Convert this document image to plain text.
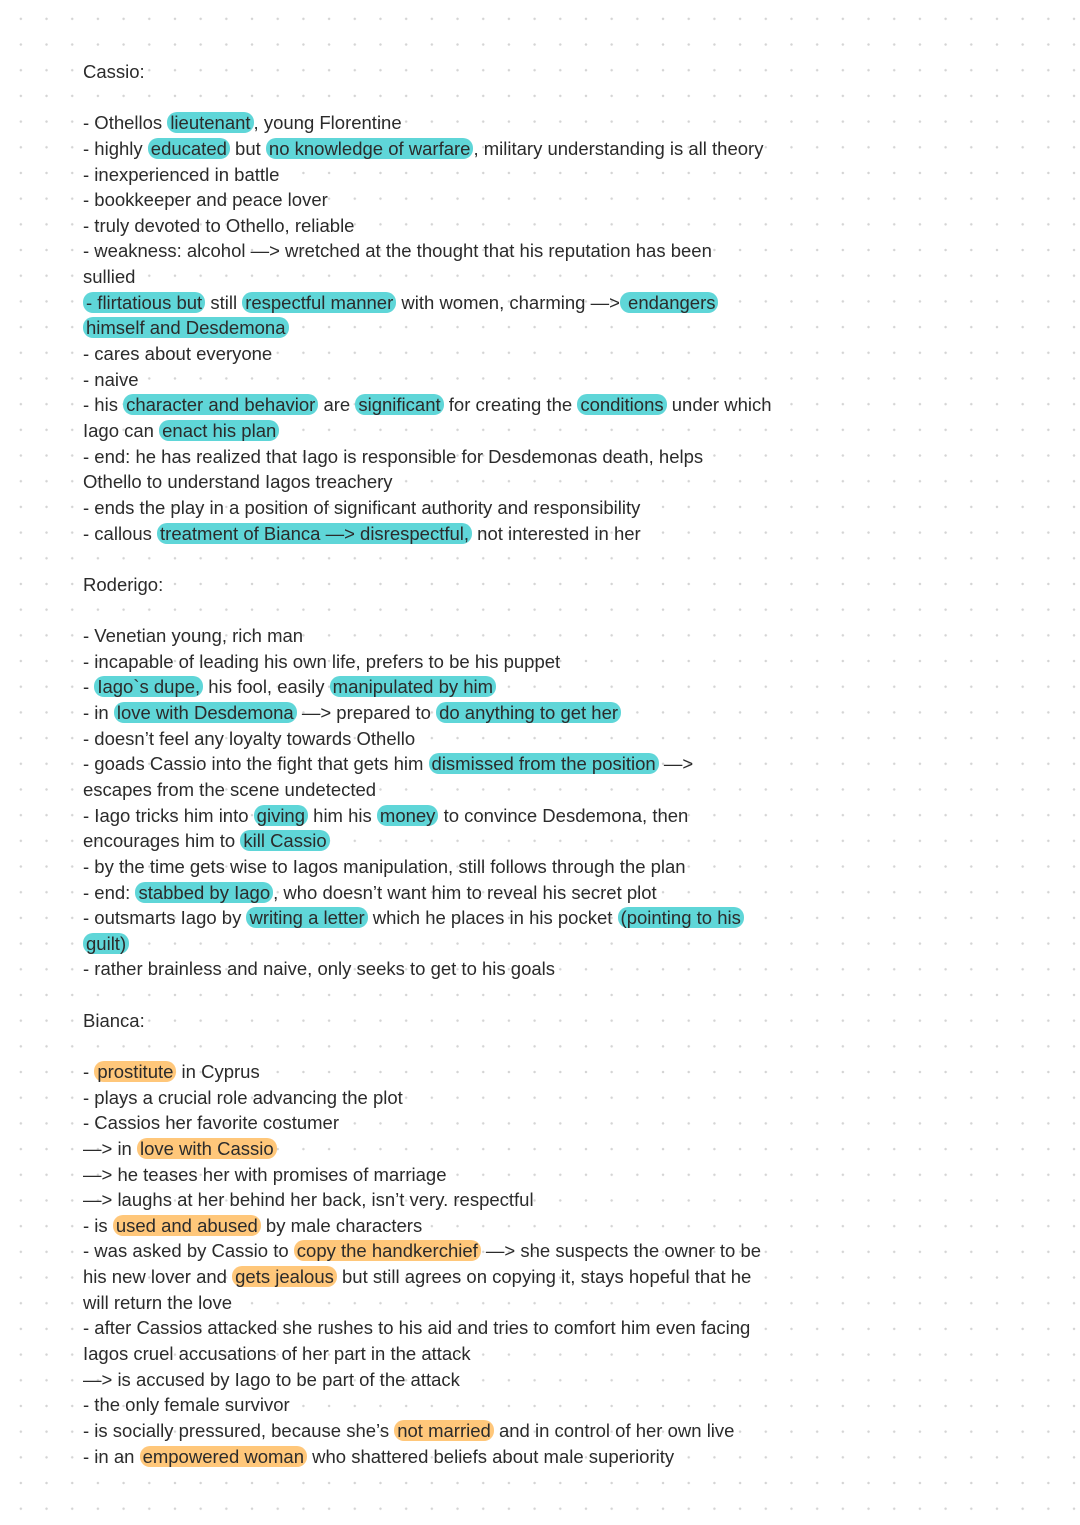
Cassio:
- Othellos lieutenant , young Florentine
- highly educated but no knowledge of warfare , military understanding is all theory
- inexperienced in battle
- bookkeeper and peace lover
- truly devoted to Othello, reliable
- weakness: alcohol —> wretched at the thought that his reputation has been
sullied
- flirtatious but still respectful manner with women, charming —> endangers
himself and Desdemona
- cares about everyone
- naive
- his character and behavior are significant for creating the conditions under which
Iago can enact his plan
- end: he has realized that Iago is responsible for Desdemonas death, helps
Othello to understand Iagos treachery
- ends the play in a position of significant authority and responsibility
- callous treatment of Bianca —> disrespectful, not interested in her
Roderigo:
- Venetian young, rich man
- incapable of leading his own life, prefers to be his puppet
- Iago`s dupe, his fool, easily manipulated by him
- in love with Desdemona —> prepared to do anything to get her
- doesn’t feel any loyalty towards Othello
- goads Cassio into the fight that gets him dismissed from the position —>
escapes from the scene undetected
- Iago tricks him into giving him his money to convince Desdemona, then
encourages him to kill Cassio
- by the time gets wise to Iagos manipulation, still follows through the plan
- end: stabbed by Iago , who doesn’t want him to reveal his secret plot
- outsmarts Iago by writing a letter which he places in his pocket (pointing to his
guilt)
- rather brainless and naive, only seeks to get to his goals
Bianca:
- prostitute in Cyprus
- plays a crucial role advancing the plot
- Cassios her favorite costumer
—> in love with Cassio
—> he teases her with promises of marriage
—> laughs at her behind her back, isn’t very. respectful
- is used and abused by male characters
- was asked by Cassio to copy the handkerchief —> she suspects the owner to be
his new lover and gets jealous but still agrees on copying it, stays hopeful that he
will return the love
- after Cassios attacked she rushes to his aid and tries to comfort him even facing
Iagos cruel accusations of her part in the attack
—> is accused by Iago to be part of the attack
- the only female survivor
- is socially pressured, because she’s not married and in control of her own live
- in an empowered woman who shattered beliefs about male superiority
